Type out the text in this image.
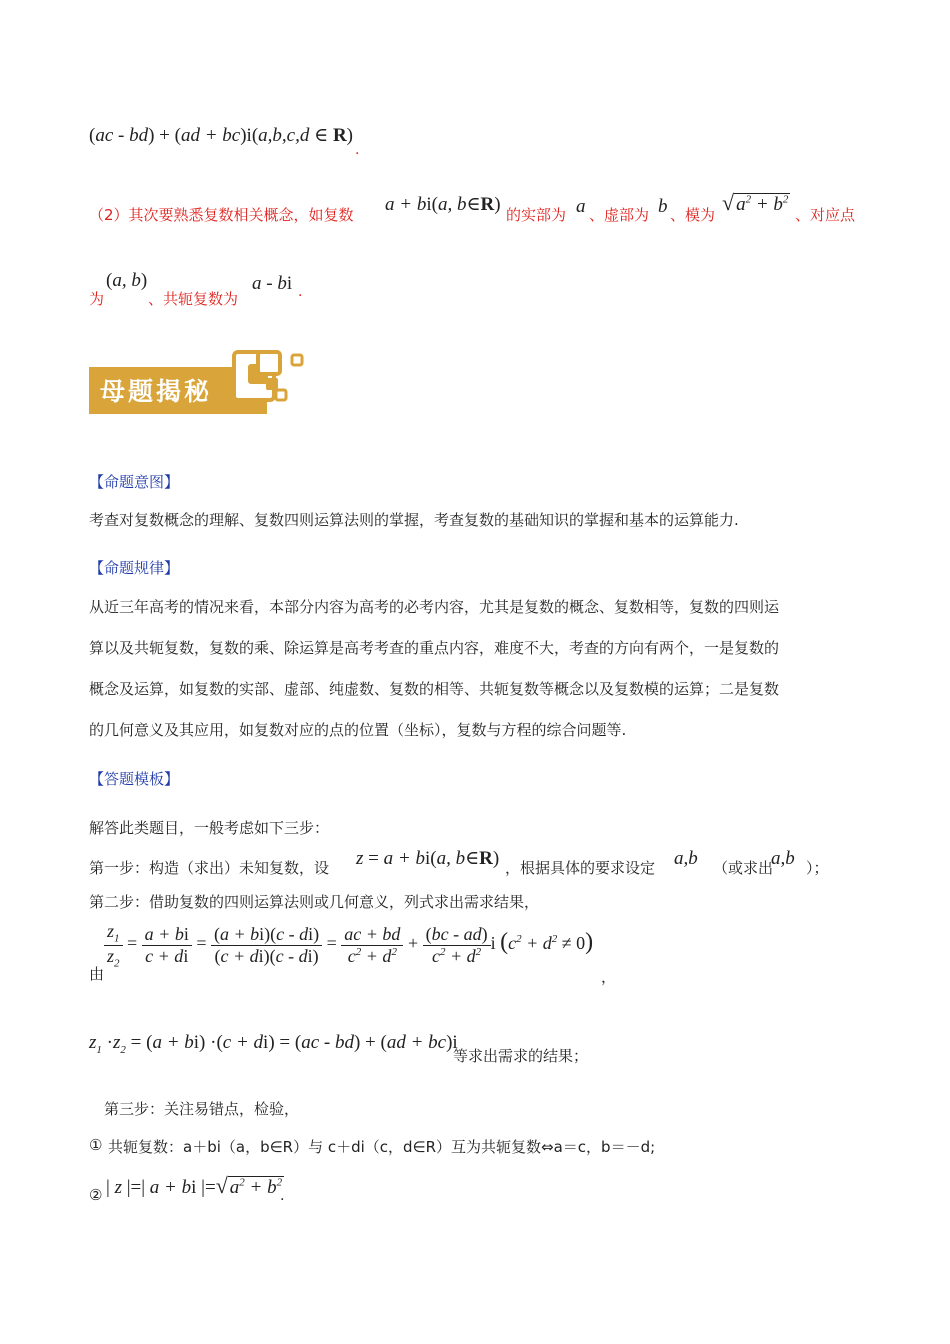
(ac - bd) + (ad + bc)i(a,b,c,d ∈ R)
.
（2）其次要熟悉复数相关概念，如复数 a + bi(a, b∈R) 的实部为 a 、虚部为 b 、模为 √ $a^2 + b^2$
、对应点
为
(a, b)
、共轭复数为
a - bi .
母题揭秘
【命题意图】
考查对复数概念的理解、复数四则运算法则的掌握，考查复数的基础知识的掌握和基本的运算能力.
【命题规律】
从近三年高考的情况来看，本部分内容为高考的必考内容，尤其是复数的概念、复数相等，复数的四则运
算以及共轭复数，复数的乘、除运算是高考考查的重点内容，难度不大，考查的方向有两个，一是复数的
概念及运算，如复数的实部、虚部、纯虚数、复数的相等、共轭复数等概念以及复数模的运算；二是复数
的几何意义及其应用，如复数对应的点的位置（坐标），复数与方程的综合问题等.
【答题模板】
解答此类题目，一般考虑如下三步：
第一步：构造（求出）未知复数，设 z = a + bi(a, b∈R) ，根据具体的要求设定 a,b （或求出
a,b ）；
第二步：借助复数的四则运算法则或几何意义，列式求出需求结果，
由
$\frac{z_1}{z_2} = \frac{a + bi}{c + di} = \frac{(a + bi)(c - di)}{(c + di)(c - di)} = \frac{ac + bd}{c^2 + d^2} + \frac{(bc - ad)}{c^2 + d^2}$ i $(c^2 + d^2 \ne 0)$
，
$z_1 \cdot z_2 = (a + bi) \cdot(c + di) = (ac - bd) + (ad + bc)i$
等求出需求的结果；
第三步：关注易错点，检验，
① 共轭复数：a＋bi（a，b∈R）与 c＋di（c，d∈R）互为共轭复数⇔a＝c，b＝－d;
② | z |=| a + bi |=√ $a^2 + b^2$
.
